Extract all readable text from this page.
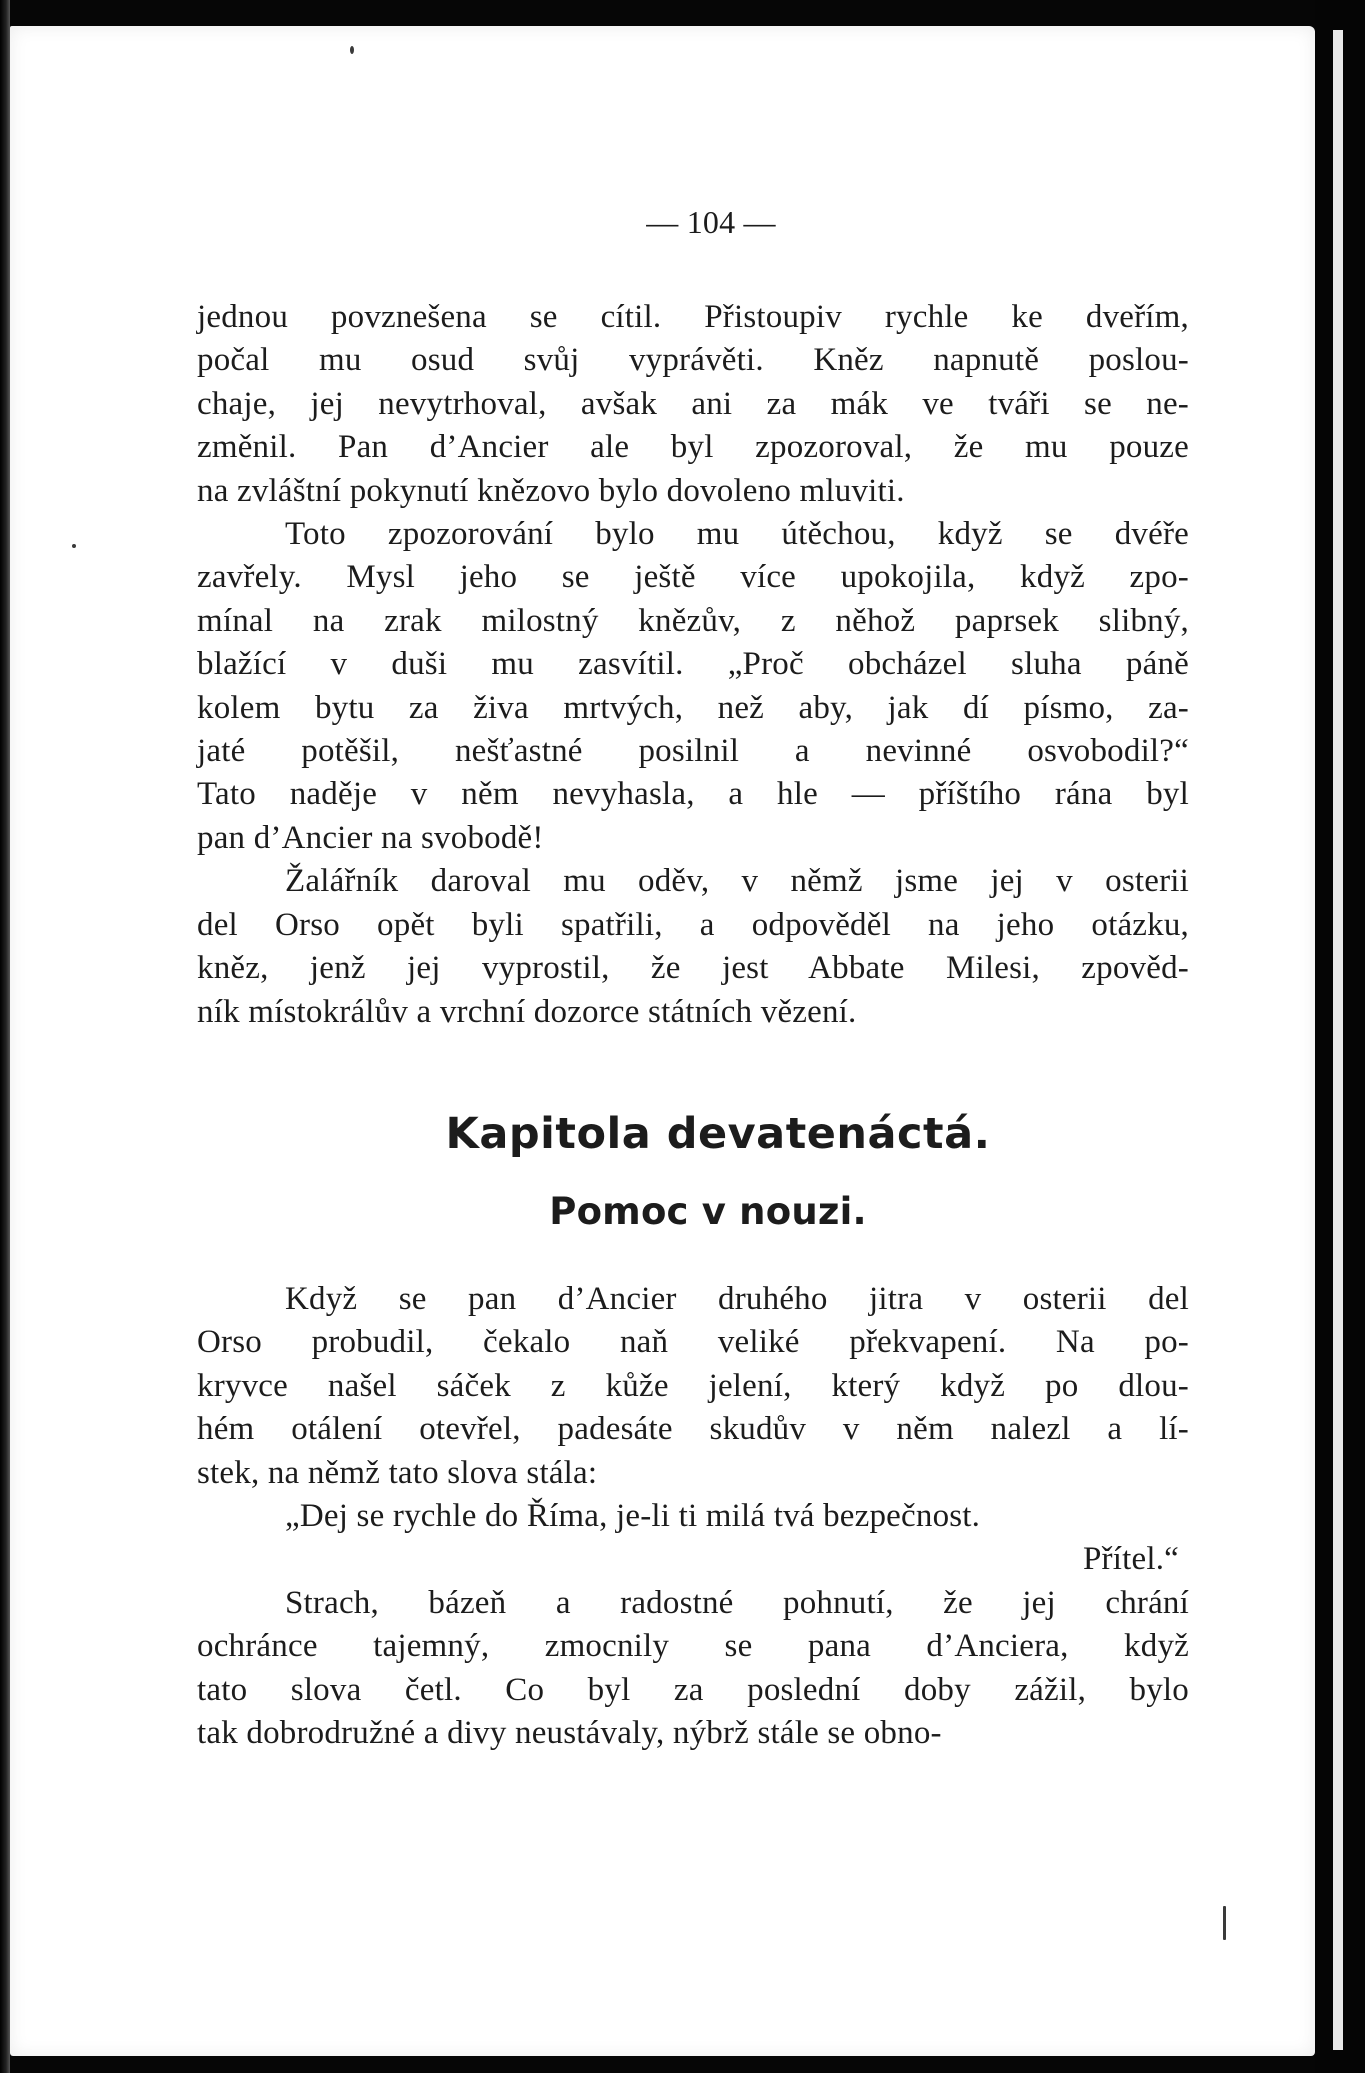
— 104 —

jednou povznešena se cítil. Přistoupiv rychle ke dveřím,
počal mu osud svůj vyprávěti. Kněz napnutě poslou-
chaje, jej nevytrhoval, avšak ani za mák ve tváři se ne-
změnil. Pan d’Ancier ale byl zpozoroval, že mu pouze
na zvláštní pokynutí knězovo bylo dovoleno mluviti.

Toto zpozorování bylo mu útěchou, když se dvéře
zavřely. Mysl jeho se ještě více upokojila, když zpo-
mínal na zrak milostný knězův, z něhož paprsek slibný,
blažící v duši mu zasvítil. „Proč obcházel sluha páně
kolem bytu za živa mrtvých, než aby, jak dí písmo, za-
jaté potěšil, nešťastné posilnil a nevinné osvobodil?“
Tato naděje v něm nevyhasla, a hle — příštího rána byl
pan d’Ancier na svobodě!

Žalářník daroval mu oděv, v němž jsme jej v osterii
del Orso opět byli spatřili, a odpověděl na jeho otázku,
kněz, jenž jej vyprostil, že jest Abbate Milesi, zpověd-
ník místokrálův a vrchní dozorce státních vězení.

Kapitola devatenáctá.
Pomoc v nouzi.

Když se pan d’Ancier druhého jitra v osterii del
Orso probudil, čekalo naň veliké překvapení. Na po-
kryvce našel sáček z kůže jelení, který když po dlou-
hém otálení otevřel, padesáte skudův v něm nalezl a lí-
stek, na němž tato slova stála:

„Dej se rychle do Říma, je-li ti milá tvá bezpečnost.

Přítel.“

Strach, bázeň a radostné pohnutí, že jej chrání
ochránce tajemný, zmocnily se pana d’Anciera, když
tato slova četl. Co byl za poslední doby zážil, bylo
tak dobrodružné a divy neustávaly, nýbrž stále se obno-
